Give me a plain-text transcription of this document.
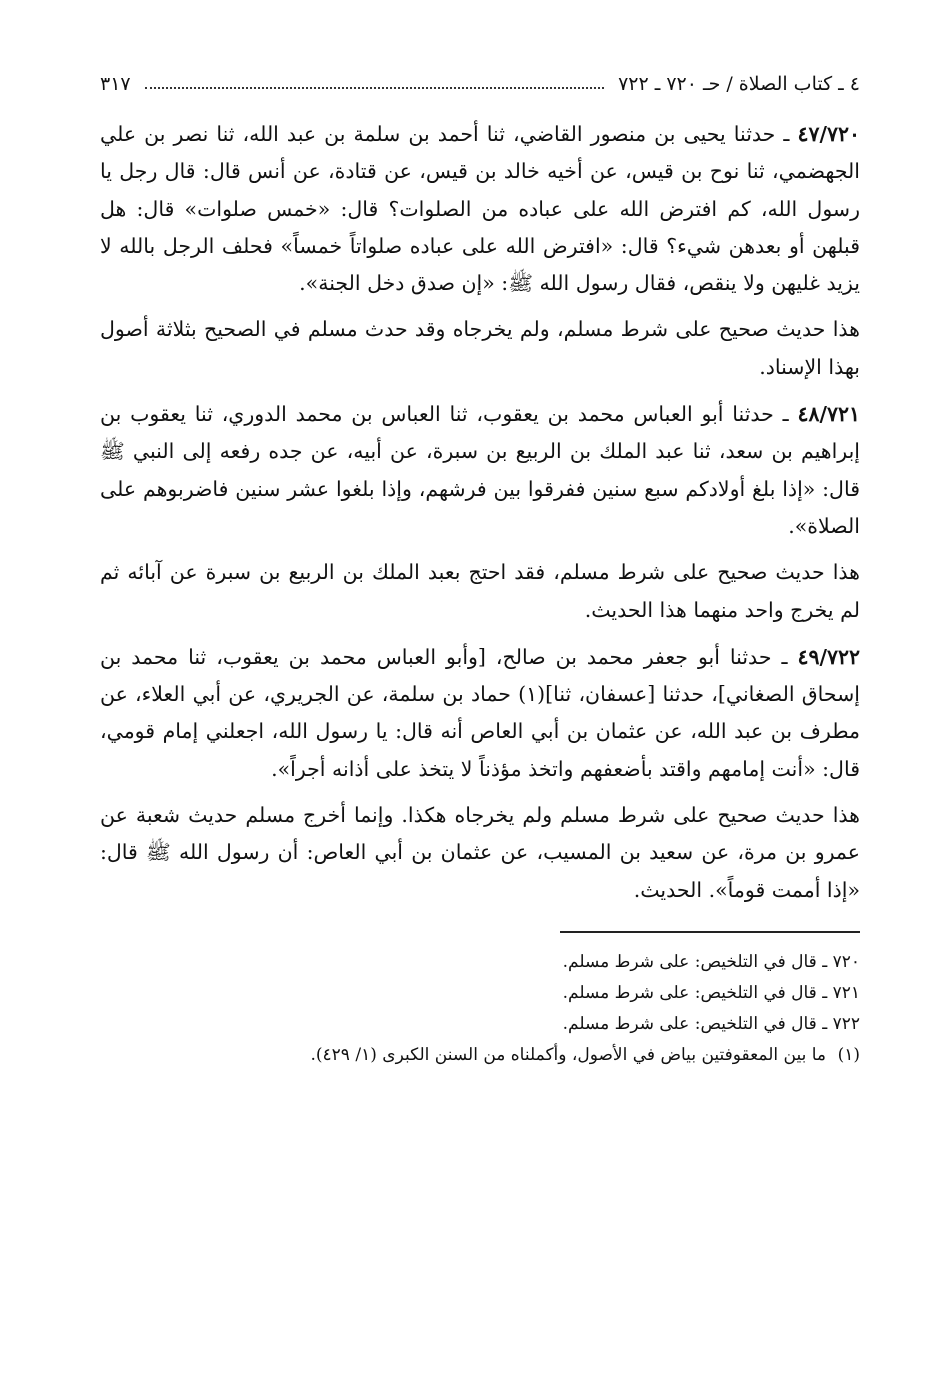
٤ ـ كتاب الصلاة / حـ ٧٢٠ ـ ٧٢٢
٣١٧

٤٧/٧٢٠ ـ حدثنا يحيى بن منصور القاضي، ثنا أحمد بن سلمة بن عبد الله، ثنا نصر بن علي الجهضمي، ثنا نوح بن قيس، عن أخيه خالد بن قيس، عن قتادة، عن أنس قال: قال رجل يا رسول الله، كم افترض الله على عباده من الصلوات؟ قال: «خمس صلوات» قال: هل قبلهن أو بعدهن شيء؟ قال: «افترض الله على عباده صلواتاً خمساً» فحلف الرجل بالله لا يزيد غليهن ولا ينقص، فقال رسول الله ﷺ: «إن صدق دخل الجنة».

هذا حديث صحيح على شرط مسلم، ولم يخرجاه وقد حدث مسلم في الصحيح بثلاثة أصول بهذا الإسناد.

٤٨/٧٢١ ـ حدثنا أبو العباس محمد بن يعقوب، ثنا العباس بن محمد الدوري، ثنا يعقوب بن إبراهيم بن سعد، ثنا عبد الملك بن الربيع بن سبرة، عن أبيه، عن جده رفعه إلى النبي ﷺ قال: «إذا بلغ أولادكم سبع سنين ففرقوا بين فرشهم، وإذا بلغوا عشر سنين فاضربوهم على الصلاة».

هذا حديث صحيح على شرط مسلم، فقد احتج بعبد الملك بن الربيع بن سبرة عن آبائه ثم لم يخرج واحد منهما هذا الحديث.

٤٩/٧٢٢ ـ حدثنا أبو جعفر محمد بن صالح، [وأبو العباس محمد بن يعقوب، ثنا محمد بن إسحاق الصغاني]، حدثنا [عسفان، ثنا](١) حماد بن سلمة، عن الجريري، عن أبي العلاء، عن مطرف بن عبد الله، عن عثمان بن أبي العاص أنه قال: يا رسول الله، اجعلني إمام قومي، قال: «أنت إمامهم واقتد بأضعفهم واتخذ مؤذناً لا يتخذ على أذانه أجراً».

هذا حديث صحيح على شرط مسلم ولم يخرجاه هكذا. وإنما أخرج مسلم حديث شعبة عن عمرو بن مرة، عن سعيد بن المسيب، عن عثمان بن أبي العاص: أن رسول الله ﷺ قال: «إذا أممت قوماً». الحديث.

٧٢٠ ـ قال في التلخيص: على شرط مسلم.

٧٢١ ـ قال في التلخيص: على شرط مسلم.

٧٢٢ ـ قال في التلخيص: على شرط مسلم.

(١)ما بين المعقوفتين بياض في الأصول، وأكملناه من السنن الكبرى (١/ ٤٢٩).
